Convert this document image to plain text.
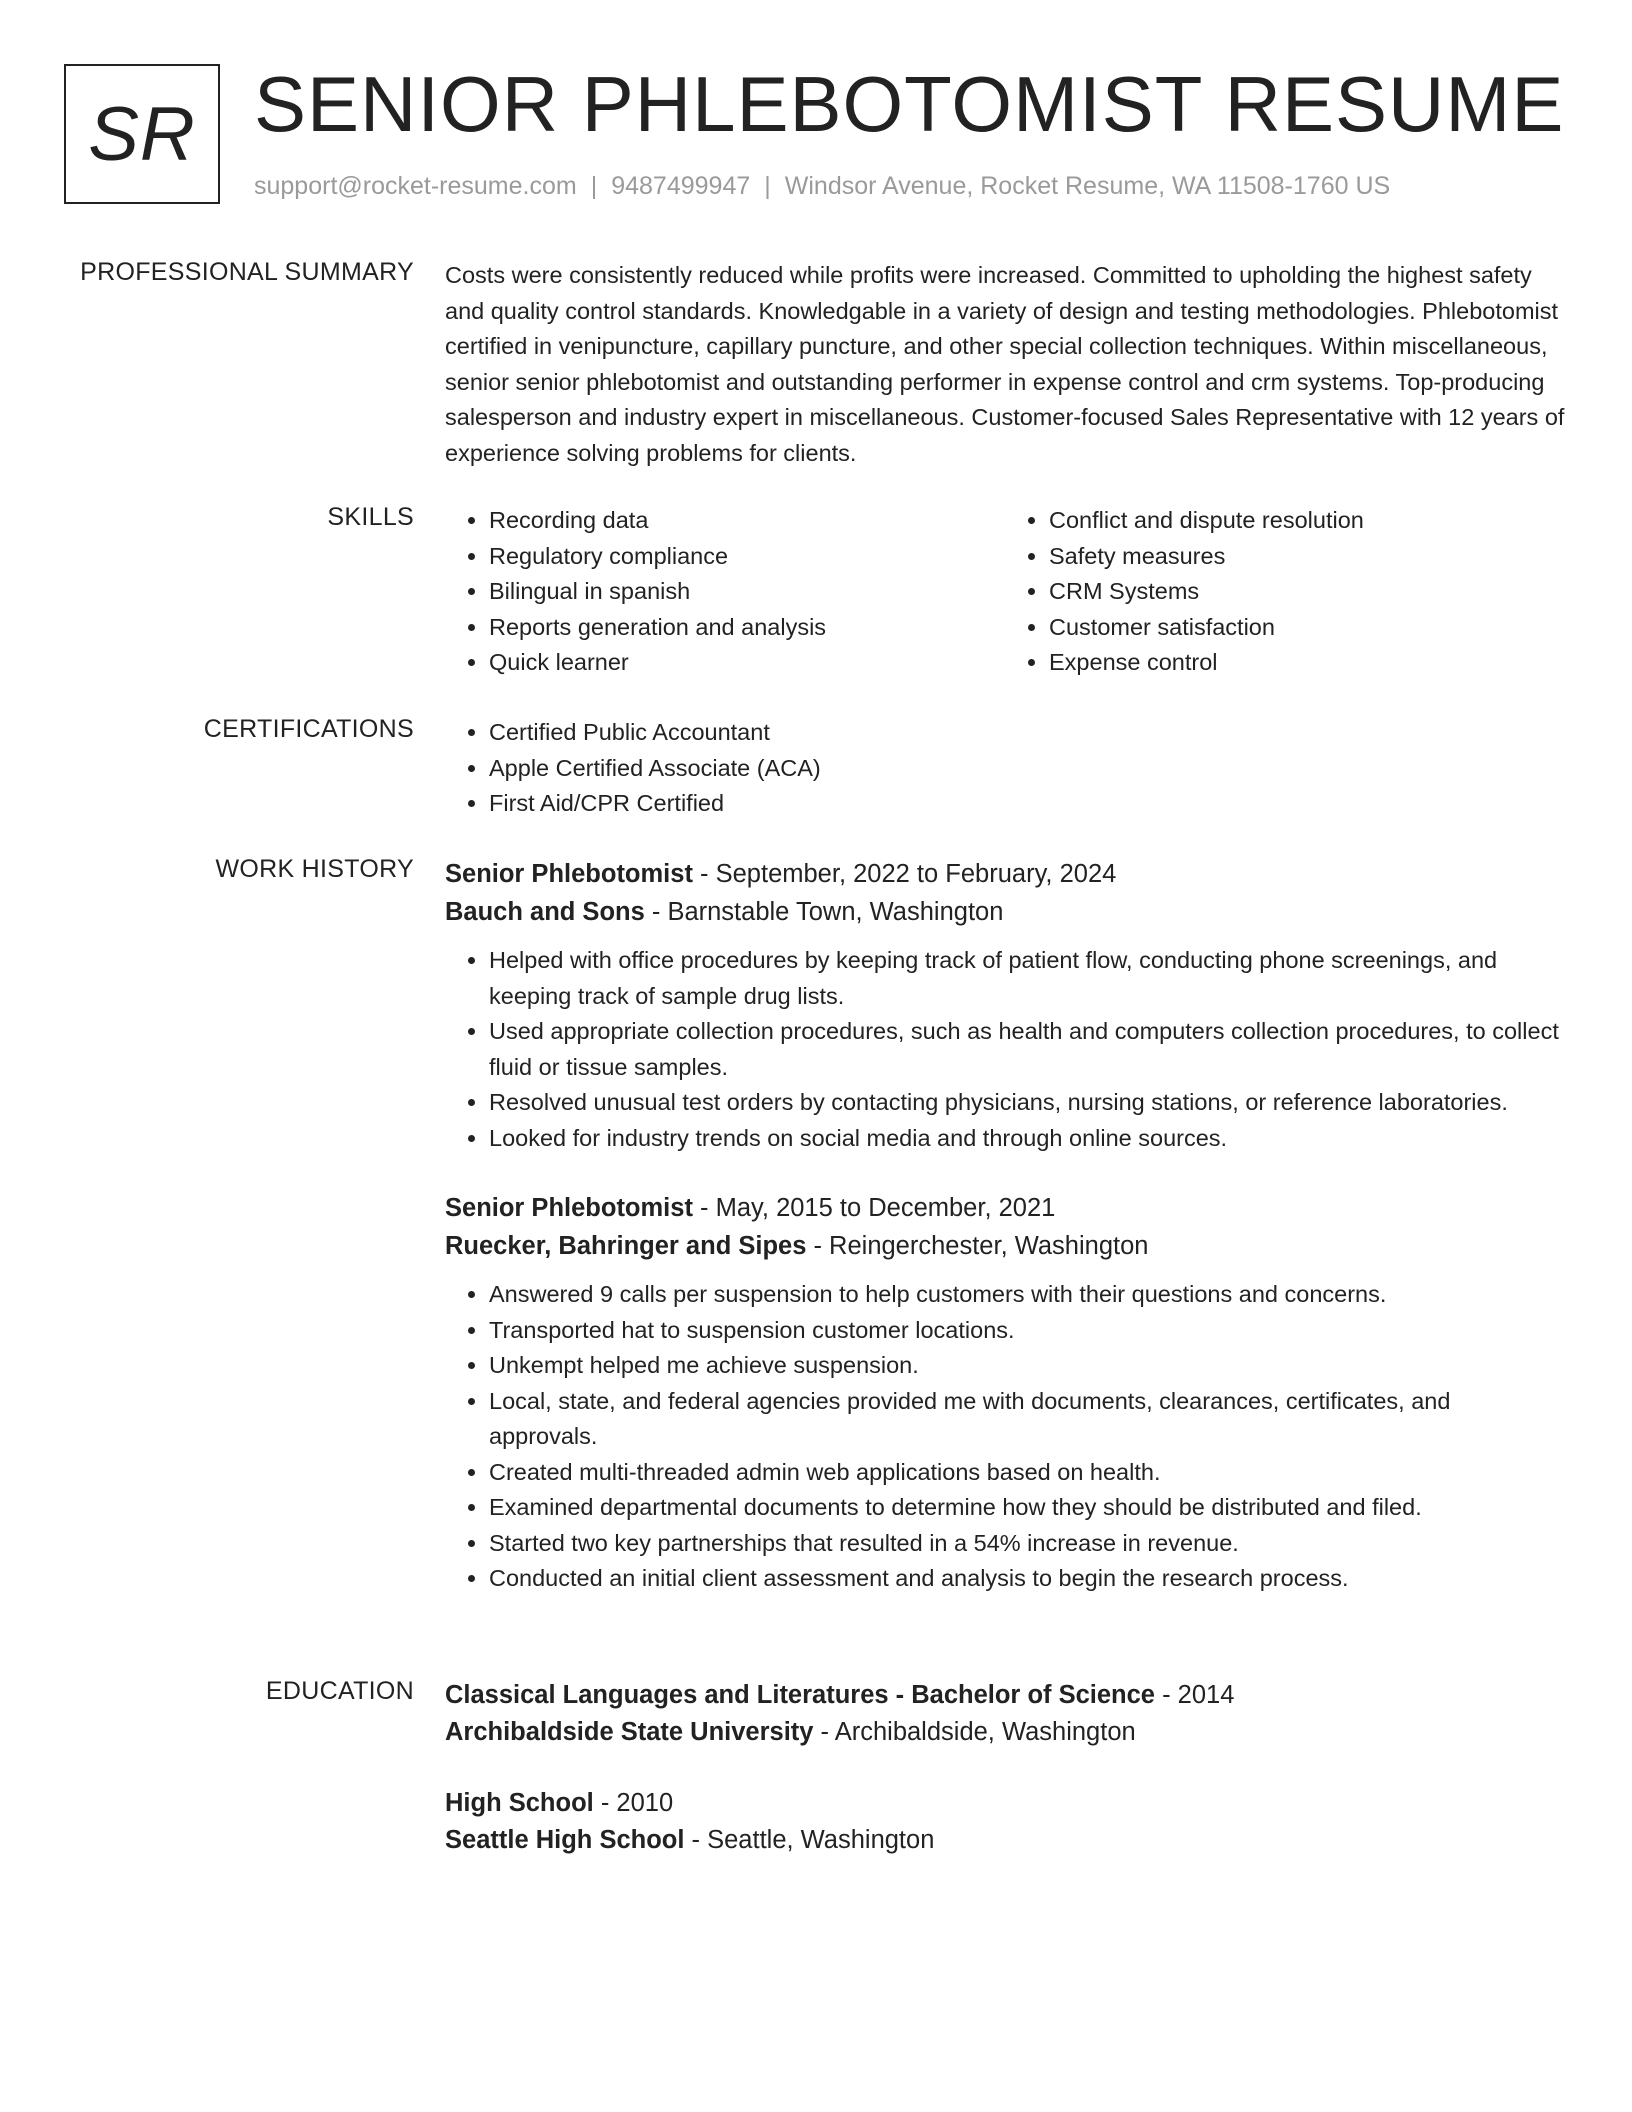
SR SENIOR PHLEBOTOMIST RESUME
support@rocket-resume.com | 9487499947 | Windsor Avenue, Rocket Resume, WA 11508-1760 US
PROFESSIONAL SUMMARY Costs were consistently reduced while profits were increased. Committed to upholding the highest safety and quality control standards. Knowledgable in a variety of design and testing methodologies. Phlebotomist certified in venipuncture, capillary puncture, and other special collection techniques. Within miscellaneous, senior senior phlebotomist and outstanding performer in expense control and crm systems. Top-producing salesperson and industry expert in miscellaneous. Customer-focused Sales Representative with 12 years of experience solving problems for clients.

SKILLS	• Recording data
• Regulatory compliance
• Bilingual in spanish
• Reports generation and analysis
• Quick learner
• Conflict and dispute resolution
• Safety measures
• CRM Systems
• Customer satisfaction
• Expense control
CERTIFICATIONS	• Certified Public Accountant
• Apple Certified Associate (ACA)
• First Aid/CPR Certified
WORK HISTORY Senior Phlebotomist - September, 2022 to February, 2024
Bauch and Sons - Barnstable Town, Washington
• Helped with office procedures by keeping track of patient flow, conducting phone screenings, and keeping track of sample drug lists.
• Used appropriate collection procedures, such as health and computers collection procedures, to collect fluid or tissue samples.
• Resolved unusual test orders by contacting physicians, nursing stations, or reference laboratories.
• Looked for industry trends on social media and through online sources.
Senior Phlebotomist - May, 2015 to December, 2021
Ruecker, Bahringer and Sipes - Reingerchester, Washington
• Answered 9 calls per suspension to help customers with their questions and concerns.
• Transported hat to suspension customer locations.
• Unkempt helped me achieve suspension.
• Local, state, and federal agencies provided me with documents, clearances, certificates, and approvals.
• Created multi-threaded admin web applications based on health.
• Examined departmental documents to determine how they should be distributed and filed.
• Started two key partnerships that resulted in a 54% increase in revenue.
• Conducted an initial client assessment and analysis to begin the research process.
EDUCATION Classical Languages and Literatures - Bachelor of Science - 2014
Archibaldside State University - Archibaldside, Washington
High School - 2010
Seattle High School - Seattle, Washington
